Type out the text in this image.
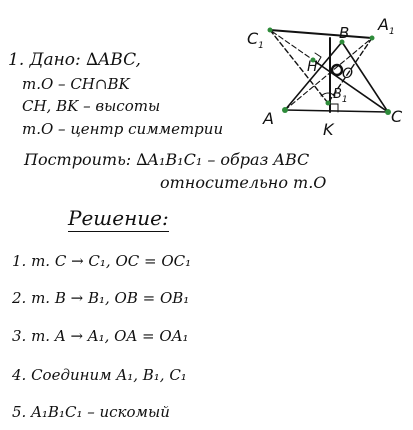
1. Дано: ∆ABC,
т.O – CH∩BK
CH, BK – высоты
т.O – центр симметрии
Построить: ∆A₁B₁C₁ – образ ABC
относительно т.O
Решение:
1. т. C → C₁, OC = OC₁
2. т. B → B₁, OB = OB₁
3. т. A → A₁, OA = OA₁
4. Соединим A₁, B₁, C₁
5. A₁B₁C₁ – искомый
$C_1$
B $A_1$
H O
$B_1$
A	C
K
